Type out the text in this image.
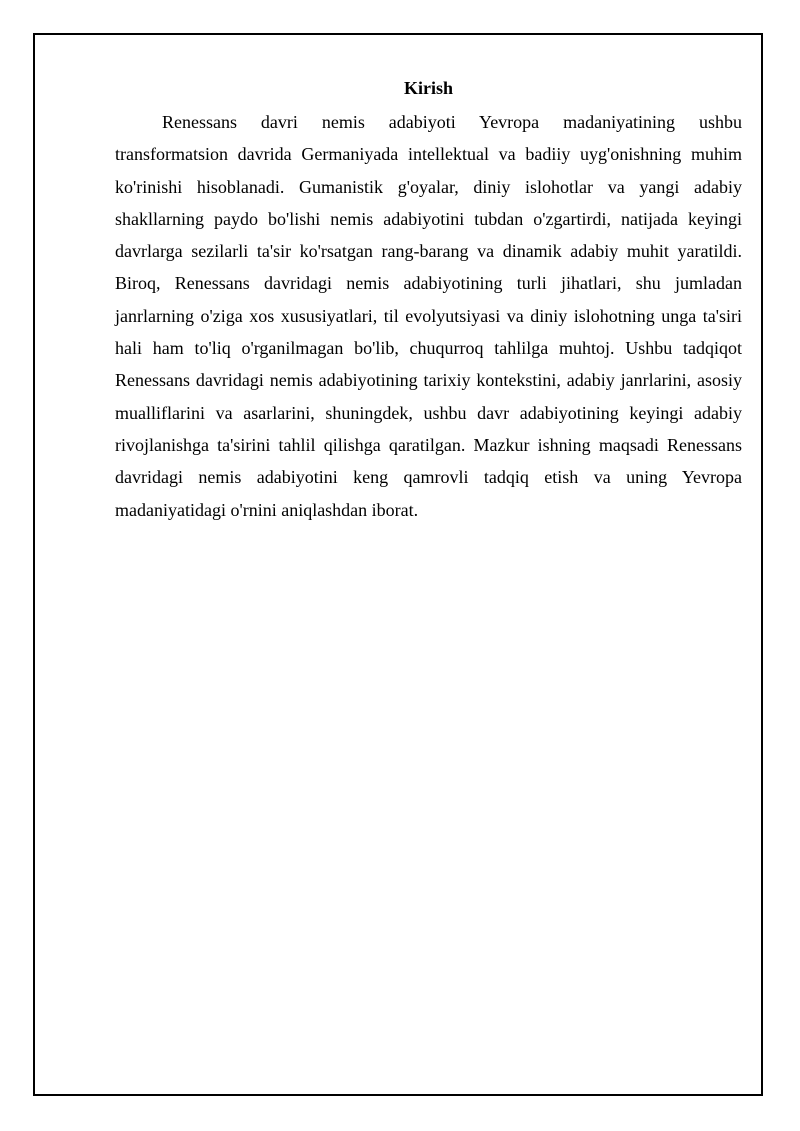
Kirish

Renessans davri nemis adabiyoti Yevropa madaniyatining ushbu transformatsion davrida Germaniyada intellektual va badiiy uyg'onishning muhim ko'rinishi hisoblanadi. Gumanistik g'oyalar, diniy islohotlar va yangi adabiy shakllarning paydo bo'lishi nemis adabiyotini tubdan o'zgartirdi, natijada keyingi davrlarga sezilarli ta'sir ko'rsatgan rang-barang va dinamik adabiy muhit yaratildi. Biroq, Renessans davridagi nemis adabiyotining turli jihatlari, shu jumladan janrlarning o'ziga xos xususiyatlari, til evolyutsiyasi va diniy islohotning unga ta'siri hali ham to'liq o'rganilmagan bo'lib, chuqurroq tahlilga muhtoj. Ushbu tadqiqot Renessans davridagi nemis adabiyotining tarixiy kontekstini, adabiy janrlarini, asosiy mualliflarini va asarlarini, shuningdek, ushbu davr adabiyotining keyingi adabiy rivojlanishga ta'sirini tahlil qilishga qaratilgan. Mazkur ishning maqsadi Renessans davridagi nemis adabiyotini keng qamrovli tadqiq etish va uning Yevropa madaniyatidagi o'rnini aniqlashdan iborat.
